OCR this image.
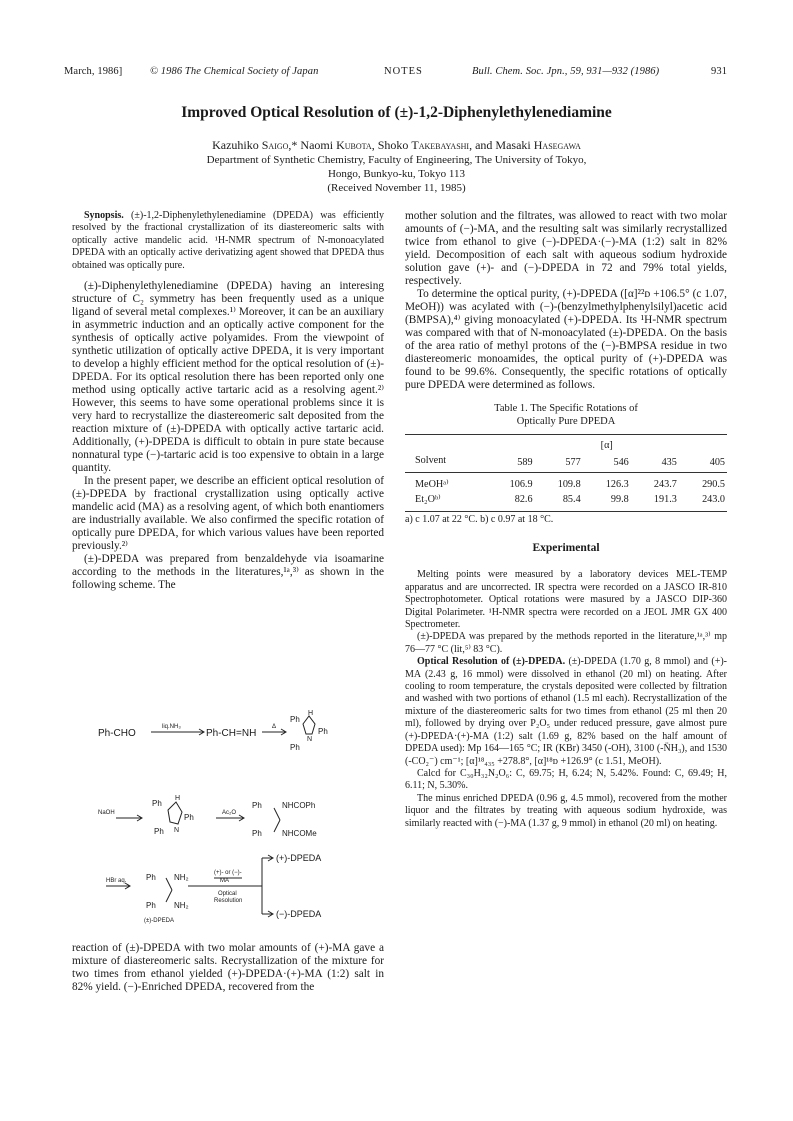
March, 1986]	© 1986 The Chemical Society of Japan	NOTES	Bull. Chem. Soc. Jpn., 59, 931—932 (1986)	931
Improved Optical Resolution of (±)-1,2-Diphenylethylenediamine
Kazuhiko Saigo,* Naomi Kubota, Shoko Takebayashi, and Masaki Hasegawa
Department of Synthetic Chemistry, Faculty of Engineering, The University of Tokyo,
Hongo, Bunkyo-ku, Tokyo 113
(Received November 11, 1985)

Synopsis. (±)-1,2-Diphenylethylenediamine (DPEDA) was efficiently resolved by the fractional crystallization of its diastereomeric salts with optically active mandelic acid. ¹H-NMR spectrum of N-monoacylated DPEDA with an optically active derivatizing agent showed that DPEDA thus obtained was optically pure.

(±)-Diphenylethylenediamine (DPEDA) having an interesing structure of C₂ symmetry has been frequently used as a unique ligand of several metal complexes.¹⁾ Moreover, it can be an auxiliary in asymmetric induction and an optically active component for the synthesis of optically active polyamides. From the viewpoint of synthetic utilization of optically active DPEDA, it is very important to develop a highly efficient method for the optical resolution of (±)-DPEDA. For its optical resolution there has been reported only one method using optically active tartaric acid as a resolving agent.²⁾ However, this seems to have some operational problems since it is very hard to recrystallize the diastereomeric salt deposited from the reaction mixture of (±)-DPEDA with optically active tartaric acid. Additionally, (+)-DPEDA is difficult to obtain in pure state because nonnatural type (−)-tartaric acid is too expensive to obtain in a large quantity.

In the present paper, we describe an efficient optical resolution of (±)-DPEDA by fractional crystallization using optically active mandelic acid (MA) as a resolving agent, of which both enantiomers are industrially available. We also confirmed the specific rotation of optically pure DPEDA, for which various values have been reported previously.²⁾

(±)-DPEDA was prepared from benzaldehyde via isoamarine according to the methods in the literatures,¹ᵃ,³⁾ as shown in the following scheme. The

Ph-CHO
liq.NH₃
Ph-CH=NH
Δ
Ph
H
Ph
N
Ph
NaOH
Ph
H
Ph
N
Ph
Ac₂O
Ph	NHCOPh
Ph	NHCOMe
HBr aq. Ph NH₂
Ph NH₂
(±)-DPEDA
(+)- or (−)-
MA
Optical
Resolution
(+)-DPEDA
(−)-DPEDA

reaction of (±)-DPEDA with two molar amounts of (+)-MA gave a mixture of diastereomeric salts. Recrystallization of the mixture for two times from ethanol yielded (+)-DPEDA·(+)-MA (1:2) salt in 82% yield. (−)-Enriched DPEDA, recovered from the

mother solution and the filtrates, was allowed to react with two molar amounts of (−)-MA, and the resulting salt was similarly recrystallized twice from ethanol to give (−)-DPEDA·(−)-MA (1:2) salt in 82% yield. Decomposition of each salt with aqueous sodium hydroxide solution gave (+)- and (−)-DPEDA in 72 and 79% total yields, respectively.

To determine the optical purity, (+)-DPEDA ([α]²²ᴅ +106.5° (c 1.07, MeOH)) was acylated with (−)-(benzylmethylphenylsilyl)acetic acid (BMPSA),⁴⁾ giving monoacylated (+)-DPEDA. Its ¹H-NMR spectrum was compared with that of N-monoacylated (±)-DPEDA. On the basis of the area ratio of methyl protons of the (−)-BMPSA residue in two diastereomeric monoamides, the optical purity of (+)-DPEDA was found to be 99.6%. Consequently, the specific rotations of optically pure DPEDA were determined as follows.

Table 1. The Specific Rotations of
Optically Pure DPEDA
	[α]				
Solvent	589	577	546	435	405
MeOHᵃ⁾	106.9	109.8	126.3	243.7	290.5
Et₂Oᵇ⁾	82.6	85.4	99.8	191.3	243.0

a) c 1.07 at 22 °C. b) c 0.97 at 18 °C.
Experimental

Melting points were measured by a laboratory devices MEL-TEMP apparatus and are uncorrected. IR spectra were recorded on a JASCO IR-810 Spectrophotometer. Optical rotations were masured by a JASCO DIP-360 Digital Polarimeter. ¹H-NMR spectra were recorded on a JEOL JMR GX 400 Spectrometer.

(±)-DPEDA was prepared by the methods reported in the literature,¹ᵃ,³⁾ mp 76—77 °C (lit,⁵⁾ 83 °C).

Optical Resolution of (±)-DPEDA. (±)-DPEDA (1.70 g, 8 mmol) and (+)-MA (2.43 g, 16 mmol) were dissolved in ethanol (20 ml) on heating. After cooling to room temperature, the crystals deposited were collected by filtration and washed with two portions of ethanol (1.5 ml each). Recrystallization of the mixture of the diastereomeric salts for two times from ethanol (25 ml then 20 ml), followed by drying over P₂O₅ under reduced pressure, gave almost pure (+)-DPEDA·(+)-MA (1:2) salt (1.69 g, 82% based on the half amount of DPEDA used): Mp 164—165 °C; IR (KBr) 3450 (-OH), 3100 (-N̈H₃), and 1530 (-CO₂⁻) cm⁻¹; [α]¹⁸₄₃₅ +278.8°, [α]¹⁸ᴅ +126.9° (c 1.51, MeOH).

Calcd for C₃₀H₃₂N₂O₆: C, 69.75; H, 6.24; N, 5.42%. Found: C, 69.49; H, 6.11; N, 5.30%.

The minus enriched DPEDA (0.96 g, 4.5 mmol), recovered from the mother liquor and the filtrates by treating with aqueous sodium hydroxide, was similarly reacted with (−)-MA (1.37 g, 9 mmol) in ethanol (20 ml) on heating.
